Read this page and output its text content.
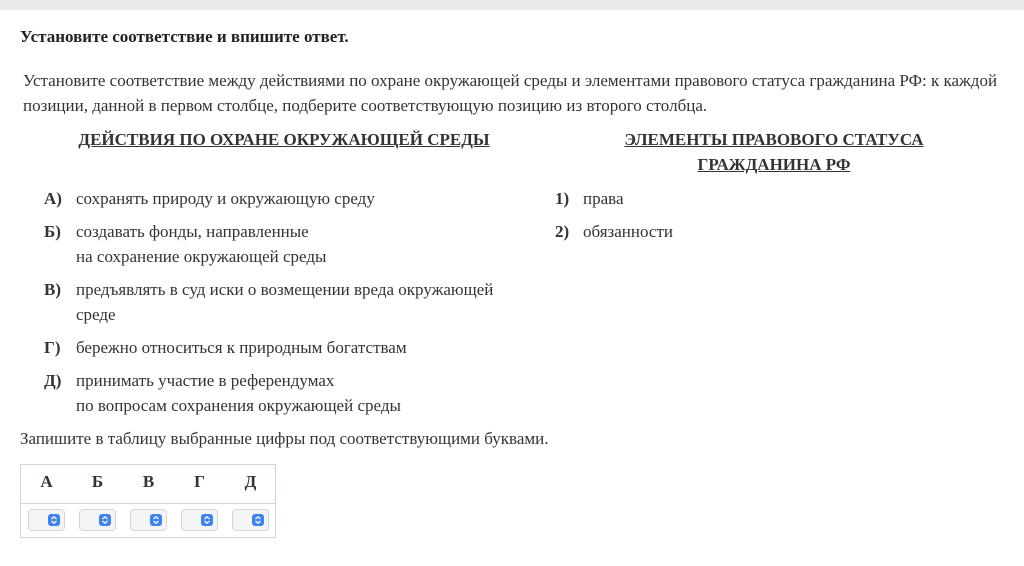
Установите соответствие и впишите ответ.
Установите соответствие между действиями по охране окружающей среды и элементами правового статуса гражданина РФ: к каждой позиции, данной в первом столбце, подберите соответствующую позицию из второго столбца.
ДЕЙСТВИЯ ПО ОХРАНЕ ОКРУЖАЮЩЕЙ СРЕДЫ	ЭЛЕМЕНТЫ ПРАВОВОГО СТАТУСА
ГРАЖДАНИНА РФ
А) сохранять природу и окружающую среду
Б) создавать фонды, направленные
на сохранение окружающей среды
В) предъявлять в суд иски о возмещении вреда окружающей
среде
Г) бережно относиться к природным богатствам
Д) принимать участие в референдумах
по вопросам сохранения окружающей среды
1) права
2) обязанности
Запишите в таблицу выбранные цифры под соответствующими буквами.
А	Б	В	Г	Д
